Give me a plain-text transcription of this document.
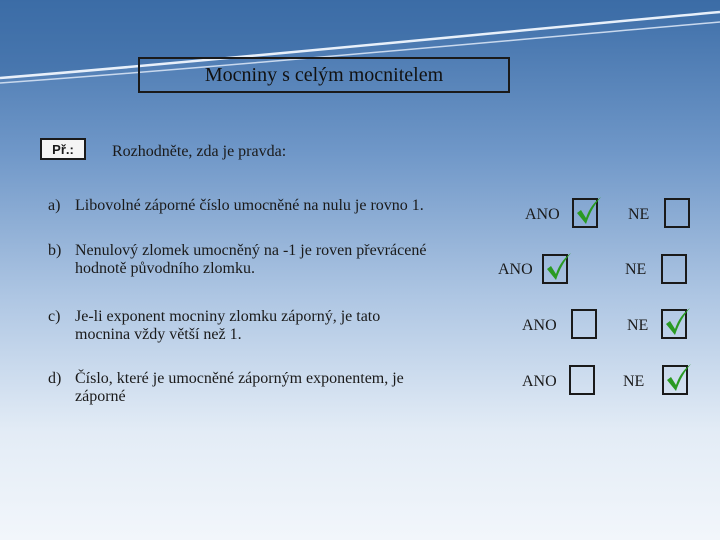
Mocniny s celým mocnitelem
Př.:	Rozhodněte, zda je pravda:
a) Libovolné záporné číslo umocněné na nulu je rovno 1.
ANO	NE
b) Nenulový zlomek umocněný na -1 je roven převrácené
hodnotě původního zlomku.	ANO	NE
c) Je-li exponent mocniny zlomku záporný, je tato
mocnina vždy větší než 1.
ANO	NE
d) Číslo, které je umocněné záporným exponentem, je
záporné
ANO	NE
